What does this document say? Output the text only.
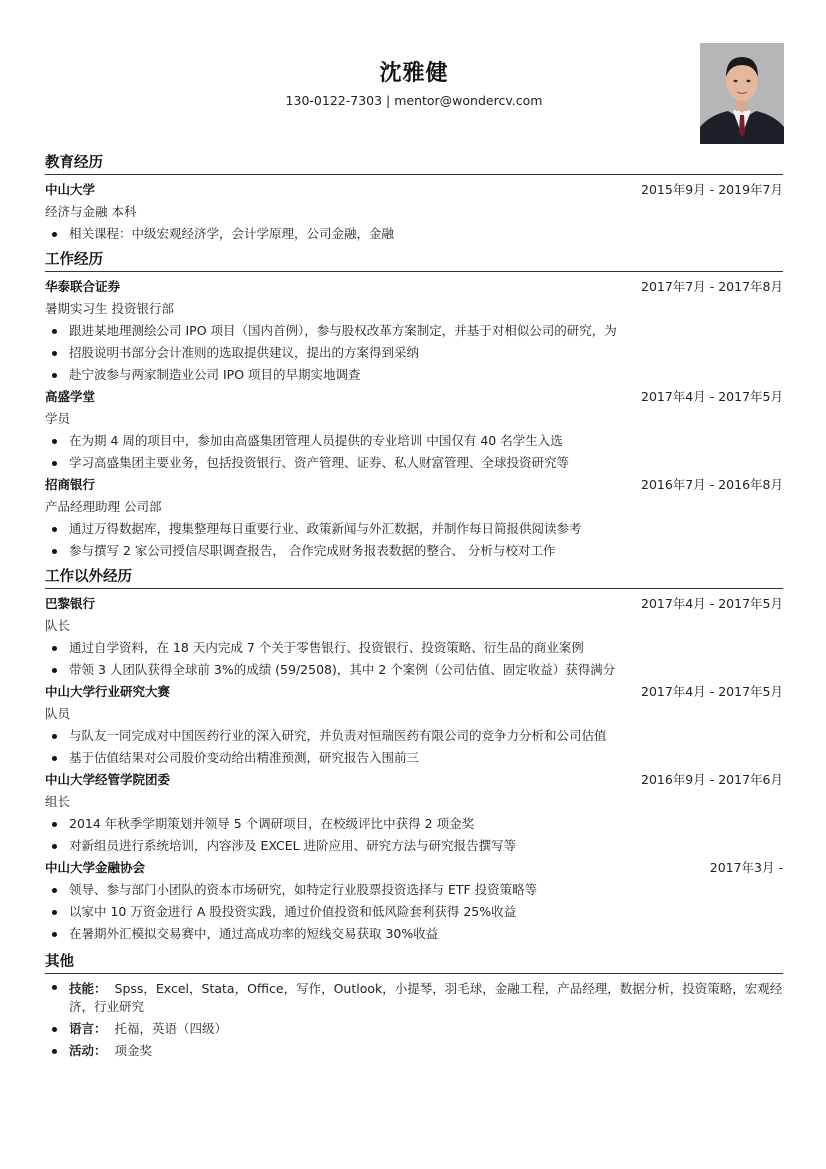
沈雅健
130-0122-7303 | mentor@wondercv.com
教育经历
中山大学	2015年9月 - 2019年7月
经济与金融 本科
相关课程：中级宏观经济学，会计学原理，公司金融，金融
工作经历
华泰联合证券	2017年7月 - 2017年8月
暑期实习生 投资银行部
跟进某地理测绘公司 IPO 项目（国内首例），参与股权改革方案制定，并基于对相似公司的研究，为
招股说明书部分会计准则的选取提供建议，提出的方案得到采纳
赴宁波参与两家制造业公司 IPO 项目的早期实地调查
高盛学堂	2017年4月 - 2017年5月
学员
在为期 4 周的项目中，参加由高盛集团管理人员提供的专业培训 中国仅有 40 名学生入选
学习高盛集团主要业务，包括投资银行、资产管理、证券、私人财富管理、全球投资研究等
招商银行	2016年7月 - 2016年8月
产品经理助理 公司部
通过万得数据库，搜集整理每日重要行业、政策新闻与外汇数据，并制作每日简报供阅读参考
参与撰写 2 家公司授信尽职调查报告， 合作完成财务报表数据的整合、 分析与校对工作
工作以外经历
巴黎银行	2017年4月 - 2017年5月
队长
通过自学资料，在 18 天内完成 7 个关于零售银行、投资银行、投资策略、衍生品的商业案例
带领 3 人团队获得全球前 3%的成绩 (59/2508)，其中 2 个案例（公司估值、固定收益）获得满分
中山大学行业研究大赛	2017年4月 - 2017年5月
队员
与队友一同完成对中国医药行业的深入研究，并负责对恒瑞医药有限公司的竞争力分析和公司估值
基于估值结果对公司股价变动给出精准预测，研究报告入围前三
中山大学经管学院团委	2016年9月 - 2017年6月
组长
2014 年秋季学期策划并领导 5 个调研项目，在校级评比中获得 2 项金奖
对新组员进行系统培训，内容涉及 EXCEL 进阶应用、研究方法与研究报告撰写等
中山大学金融协会	2017年3月 -
领导、参与部门小团队的资本市场研究，如特定行业股票投资选择与 ETF 投资策略等
以家中 10 万资金进行 A 股投资实践，通过价值投资和低风险套利获得 25%收益
在暑期外汇模拟交易赛中，通过高成功率的短线交易获取 30%收益
其他
技能： Spss，Excel，Stata，Office，写作，Outlook，小提琴，羽毛球，金融工程，产品经理，数据分析，投资策略，宏观经济，行业研究
语言： 托福，英语（四级）
活动： 项金奖
